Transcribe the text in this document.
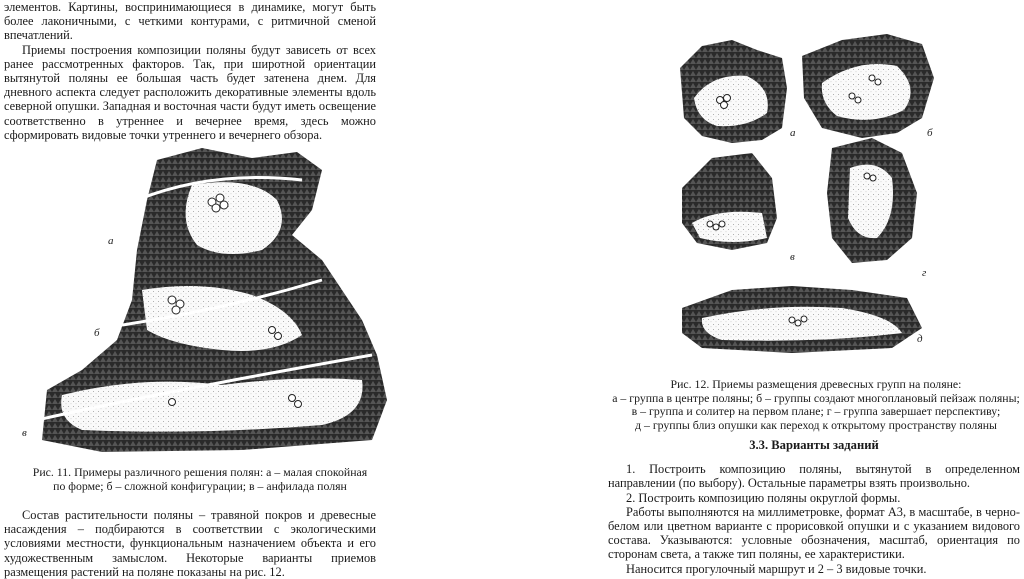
элементов. Картины, воспринимающиеся в динамике, могут быть более лаконичными, с четкими контурами, с ритмичной сменой впечатлений.

Приемы построения композиции поляны будут зависеть от всех ранее рассмотренных факторов. Так, при широтной ориентации вытянутой поляны ее большая часть будет затенена днем. Для дневного аспекта следует расположить декоративные элементы вдоль северной опушки. Западная и восточная части будут иметь освещение соответственно в утреннее и вечернее время, здесь можно сформировать видовые точки утреннего и вечернего обзора.

а
б
в
Рис. 11. Примеры различного решения полян: а – малая спокойная по форме; б – сложной конфигурации; в – анфилада полян

Состав растительности поляны – травяной покров и древесные насаждения – подбираются в соответствии с экологическими условиями местности, функциональным назначением объекта и его художественным замыслом. Некоторые варианты приемов размещения растений на поляне показаны на рис. 12.

а	б
в
г
д
Рис. 12. Приемы размещения древесных групп на поляне:
а – группа в центре поляны; б – группы создают многоплановый пейзаж поляны;
в – группа и солитер на первом плане; г – группа завершает перспективу;
д – группы близ опушки как переход к открытому пространству поляны

3.3. Варианты заданий

1. Построить композицию поляны, вытянутой в определенном направлении (по выбору). Остальные параметры взять произвольно.

2. Построить композицию поляны округлой формы.

Работы выполняются на миллиметровке, формат А3, в масштабе, в черно-белом или цветном варианте с прорисовкой опушки и с указанием видового состава. Указываются: условные обозначения, масштаб, ориентация по сторонам света, а также тип поляны, ее характеристики.

Наносится прогулочный маршрут и 2 – 3 видовые точки.
